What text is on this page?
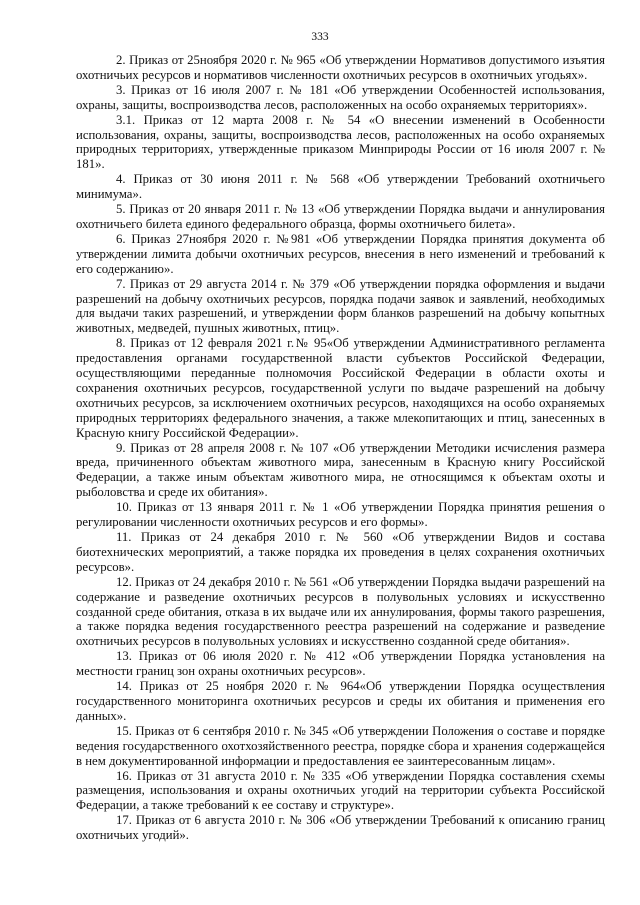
333

2. Приказ от 25ноября 2020 г. № 965 «Об утверждении Нормативов допустимого изъятия охотничьих ресурсов и нормативов численности охотничьих ресурсов в охотничьих угодьях».

3. Приказ от 16 июля 2007 г. № 181 «Об утверждении Особенностей использования, охраны, защиты, воспроизводства лесов, расположенных на особо охраняемых территориях».

3.1. Приказ от 12 марта 2008 г. № 54 «О внесении изменений в Особенности использования, охраны, защиты, воспроизводства лесов, расположенных на особо охраняемых природных территориях, утвержденные приказом Минприроды России от 16 июля 2007 г. № 181».

4. Приказ от 30 июня 2011 г. № 568 «Об утверждении Требований охотничьего минимума».

5. Приказ от 20 января 2011 г. № 13 «Об утверждении Порядка выдачи и аннулирования охотничьего билета единого федерального образца, формы охотничьего билета».

6. Приказ 27ноября 2020 г. №981 «Об утверждении Порядка принятия документа об утверждении лимита добычи охотничьих ресурсов, внесения в него изменений и требований к его содержанию».

7. Приказ от 29 августа 2014 г. № 379 «Об утверждении порядка оформления и выдачи разрешений на добычу охотничьих ресурсов, порядка подачи заявок и заявлений, необходимых для выдачи таких разрешений, и утверждении форм бланков разрешений на добычу копытных животных, медведей, пушных животных, птиц».

8. Приказ от 12 февраля 2021 г.№ 95«Об утверждении Административного регламента предоставления органами государственной власти субъектов Российской Федерации, осуществляющими переданные полномочия Российской Федерации в области охоты и сохранения охотничьих ресурсов, государственной услуги по выдаче разрешений на добычу охотничьих ресурсов, за исключением охотничьих ресурсов, находящихся на особо охраняемых природных территориях федерального значения, а также млекопитающих и птиц, занесенных в Красную книгу Российской Федерации».

9. Приказ от 28 апреля 2008 г. № 107 «Об утверждении Методики исчисления размера вреда, причиненного объектам животного мира, занесенным в Красную книгу Российской Федерации, а также иным объектам животного мира, не относящимся к объектам охоты и рыболовства и среде их обитания».

10. Приказ от 13 января 2011 г. № 1 «Об утверждении Порядка принятия решения о регулировании численности охотничьих ресурсов и его формы».

11. Приказ от 24 декабря 2010 г. № 560 «Об утверждении Видов и состава биотехнических мероприятий, а также порядка их проведения в целях сохранения охотничьих ресурсов».

12. Приказ от 24 декабря 2010 г. № 561 «Об утверждении Порядка выдачи разрешений на содержание и разведение охотничьих ресурсов в полувольных условиях и искусственно созданной среде обитания, отказа в их выдаче или их аннулирования, формы такого разрешения, а также порядка ведения государственного реестра разрешений на содержание и разведение охотничьих ресурсов в полувольных условиях и искусственно созданной среде обитания».

13. Приказ от 06 июля 2020 г. № 412 «Об утверждении Порядка установления на местности границ зон охраны охотничьих ресурсов».

14. Приказ от 25 ноября 2020 г.№ 964«Об утверждении Порядка осуществления государственного мониторинга охотничьих ресурсов и среды их обитания и применения его данных».

15. Приказ от 6 сентября 2010 г. № 345 «Об утверждении Положения о составе и порядке ведения государственного охотхозяйственного реестра, порядке сбора и хранения содержащейся в нем документированной информации и предоставления ее заинтересованным лицам».

16. Приказ от 31 августа 2010 г. № 335 «Об утверждении Порядка составления схемы размещения, использования и охраны охотничьих угодий на территории субъекта Российской Федерации, а также требований к ее составу и структуре».

17. Приказ от 6 августа 2010 г. № 306 «Об утверждении Требований к описанию границ охотничьих угодий».
